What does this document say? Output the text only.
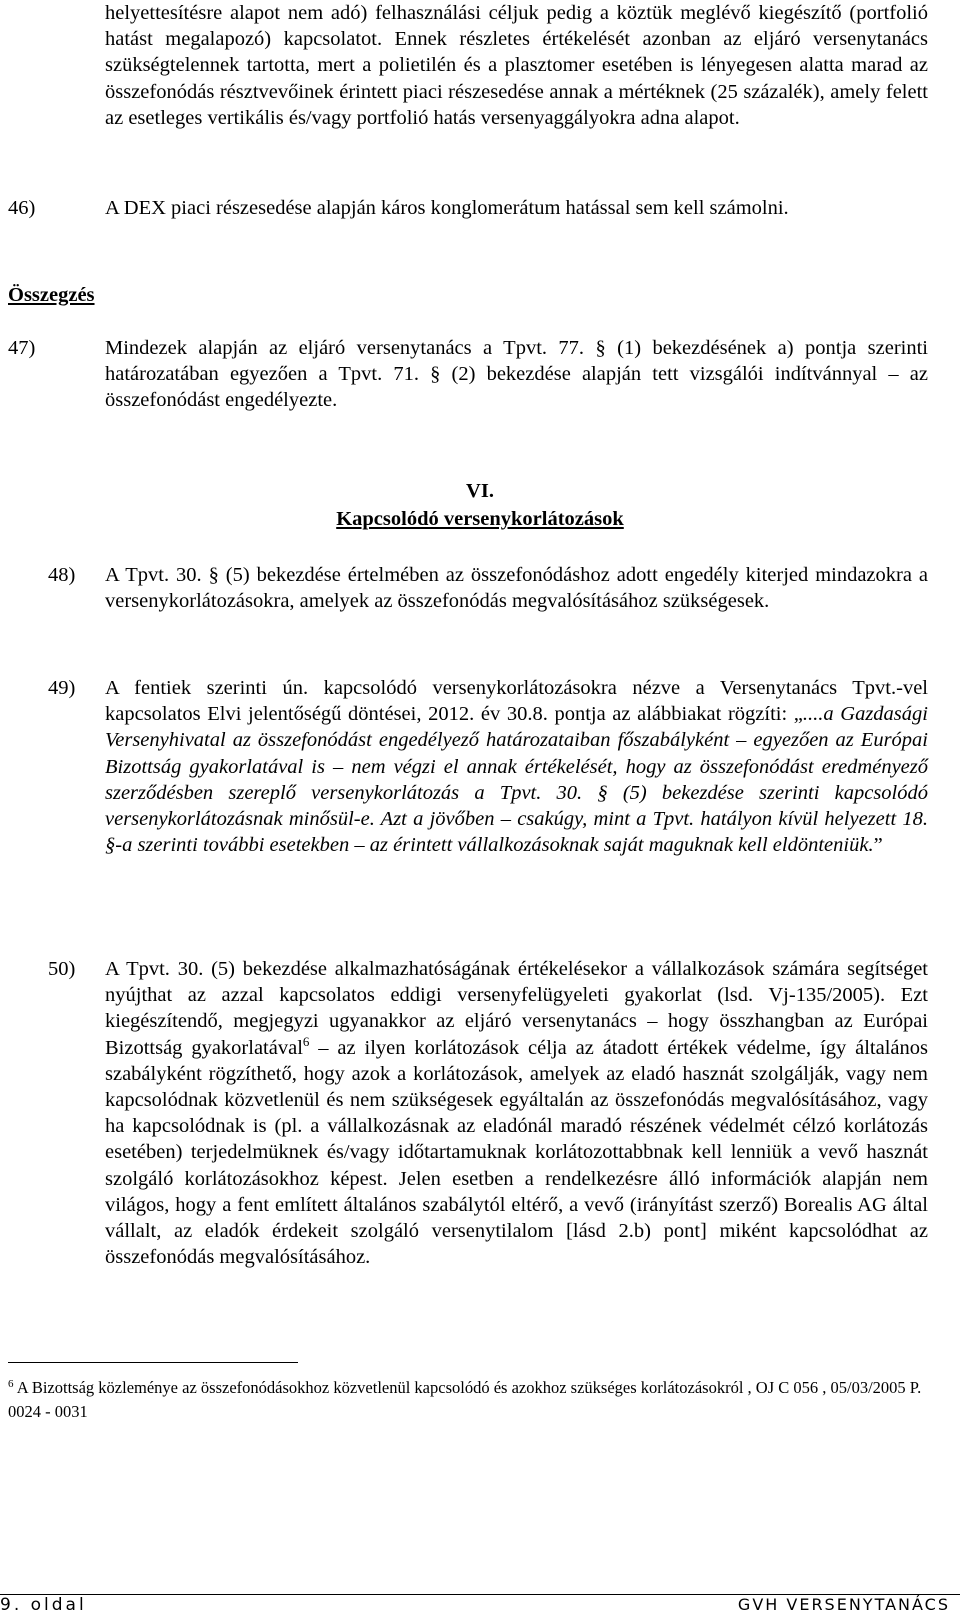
helyettesítésre alapot nem adó) felhasználási céljuk pedig a köztük meglévő kiegészítő (portfolió hatást megalapozó) kapcsolatot. Ennek részletes értékelését azonban az eljáró versenytanács szükségtelennek tartotta, mert a polietilén és a plasztomer esetében is lényegesen alatta marad az összefonódás résztvevőinek érintett piaci részesedése annak a mértéknek (25 százalék), amely felett az esetleges vertikális és/vagy portfolió hatás versenyaggályokra adna alapot.
46)	A DEX piaci részesedése alapján káros konglomerátum hatással sem kell számolni.
Összegzés
47)	Mindezek alapján az eljáró versenytanács a Tpvt. 77. § (1) bekezdésének a) pontja szerinti határozatában egyezően a Tpvt. 71. § (2) bekezdése alapján tett vizsgálói indítvánnyal – az összefonódást engedélyezte.
VI.
Kapcsolódó versenykorlátozások
48) A Tpvt. 30. § (5) bekezdése értelmében az összefonódáshoz adott engedély kiterjed mindazokra a versenykorlátozásokra, amelyek az összefonódás megvalósításához szükségesek.
49) A fentiek szerinti ún. kapcsolódó versenykorlátozásokra nézve a Versenytanács Tpvt.-vel kapcsolatos Elvi jelentőségű döntései, 2012. év 30.8. pontja az alábbiakat rögzíti: „....a Gazdasági Versenyhivatal az összefonódást engedélyező határozataiban főszabályként – egyezően az Európai Bizottság gyakorlatával is – nem végzi el annak értékelését, hogy az összefonódást eredményező szerződésben szereplő versenykorlátozás a Tpvt. 30. § (5) bekezdése szerinti kapcsolódó versenykorlátozásnak minősül-e. Azt a jövőben – csakúgy, mint a Tpvt. hatályon kívül helyezett 18. §-a szerinti további esetekben – az érintett vállalkozásoknak saját maguknak kell eldönteniük.”
50) A Tpvt. 30. (5) bekezdése alkalmazhatóságának értékelésekor a vállalkozások számára segítséget nyújthat az azzal kapcsolatos eddigi versenyfelügyeleti gyakorlat (lsd. Vj-135/2005). Ezt kiegészítendő, megjegyzi ugyanakkor az eljáró versenytanács – hogy összhangban az Európai Bizottság gyakorlatával$^6$ – az ilyen korlátozások célja az átadott értékek védelme, így általános szabályként rögzíthető, hogy azok a korlátozások, amelyek az eladó hasznát szolgálják, vagy nem kapcsolódnak közvetlenül és nem szükségesek egyáltalán az összefonódás megvalósításához, vagy ha kapcsolódnak is (pl. a vállalkozásnak az eladónál maradó részének védelmét célzó korlátozás esetében) terjedelmüknek és/vagy időtartamuknak korlátozottabbnak kell lenniük a vevő hasznát szolgáló korlátozásokhoz képest. Jelen esetben a rendelkezésre álló információk alapján nem világos, hogy a fent említett általános szabálytól eltérő, a vevő (irányítást szerző) Borealis AG által vállalt, az eladók érdekeit szolgáló versenytilalom [lásd 2.b) pont] miként kapcsolódhat az összefonódás megvalósításához.
$^6$ A Bizottság közleménye az összefonódásokhoz közvetlenül kapcsolódó és azokhoz szükséges korlátozásokról , OJ C 056 , 05/03/2005 P. 0024 - 0031
9. oldal	GVH VERSENYTANÁCS
